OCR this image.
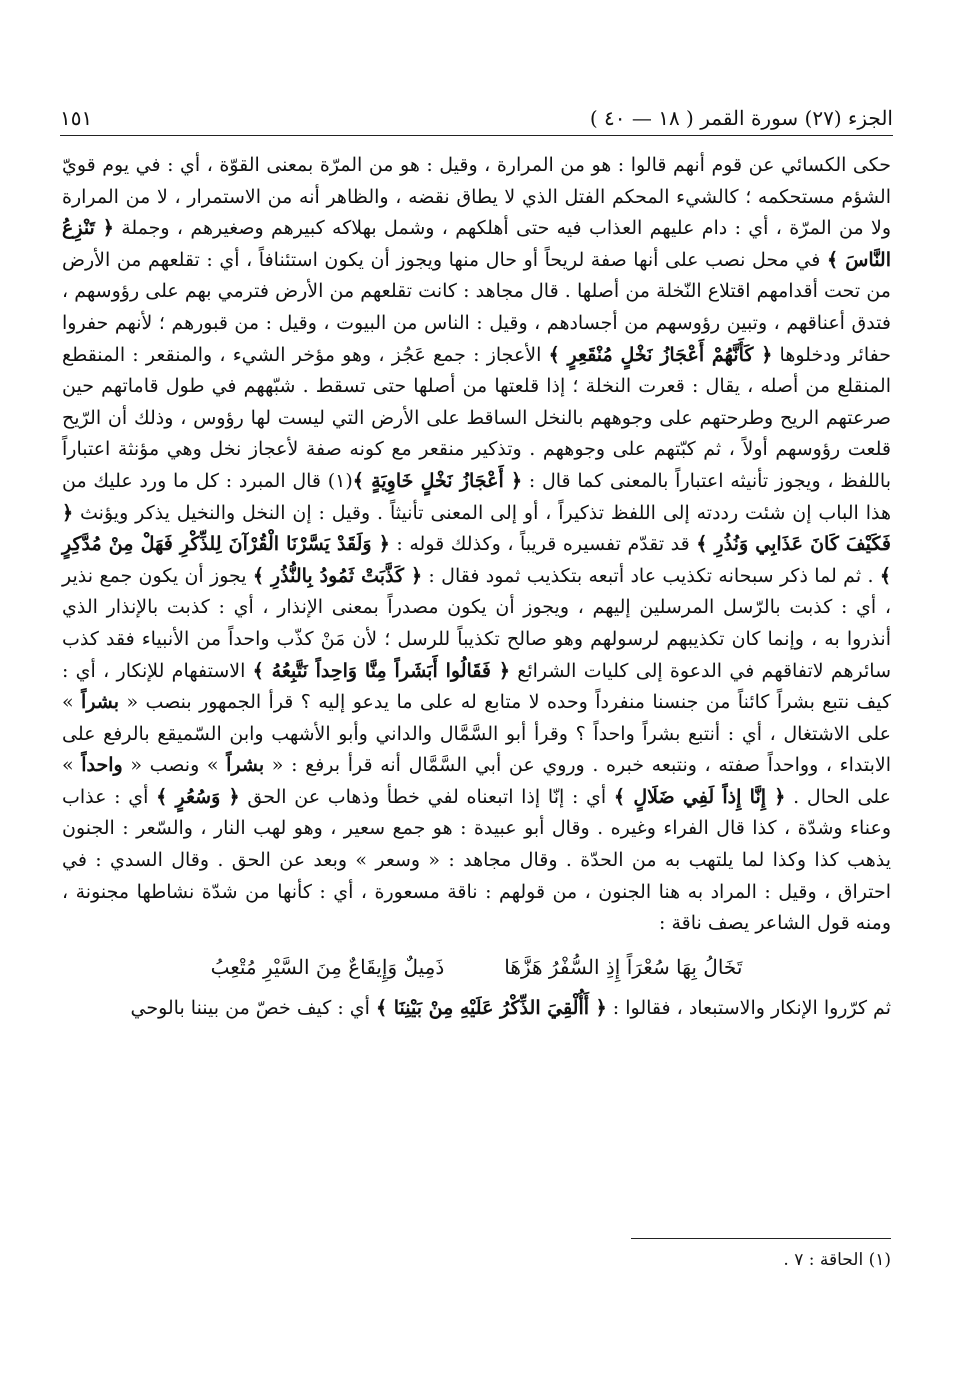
١٥١	الجزء (٢٧) سورة القمر ( ١٨ — ٤٠ )

حكى الكسائي عن قوم أنهم قالوا : هو من المرارة ، وقيل : هو من المرّة بمعنى القوّة ، أي : في يوم قويّ الشؤم مستحكمه ؛ كالشيء المحكم الفتل الذي لا يطاق نقضه ، والظاهر أنه من الاستمرار ، لا من المرارة ولا من المرّة ، أي : دام عليهم العذاب فيه حتى أهلكهم ، وشمل بهلاكه كبيرهم وصغيرهم ، وجملة ﴿ تَنْزِعُ النَّاسَ ﴾ في محل نصب على أنها صفة لريحاً أو حال منها ويجوز أن يكون استئنافاً ، أي : تقلعهم من الأرض من تحت أقدامهم اقتلاع النّخلة من أصلها . قال مجاهد : كانت تقلعهم من الأرض فترمي بهم على رؤوسهم ، فتدق أعناقهم ، وتبين رؤوسهم من أجسادهم ، وقيل : الناس من البيوت ، وقيل : من قبورهم ؛ لأنهم حفروا حفائر ودخلوها ﴿ كَأَنَّهُمْ أَعْجَازُ نَخْلٍ مُنْقَعِرٍ ﴾ الأعجاز : جمع عَجُز ، وهو مؤخر الشيء ، والمنقعر : المنقطع المنقلع من أصله ، يقال : قعرت النخلة ؛ إذا قلعتها من أصلها حتى تسقط . شبّههم في طول قاماتهم حين صرعتهم الريح وطرحتهم على وجوههم بالنخل الساقط على الأرض التي ليست لها رؤوس ، وذلك أن الرّيح قلعت رؤوسهم أولاً ، ثم كبّتهم على وجوههم . وتذكير منقعر مع كونه صفة لأعجاز نخل وهي مؤنثة اعتباراً باللفظ ، ويجوز تأنيثه اعتباراً بالمعنى كما قال : ﴿ أَعْجَازُ نَخْلٍ خَاوِيَةٍ ﴾(١) قال المبرد : كل ما ورد عليك من هذا الباب إن شئت رددته إلى اللفظ تذكيراً ، أو إلى المعنى تأنيثاً . وقيل : إن النخل والنخيل يذكر ويؤنث ﴿ فَكَيْفَ كَانَ عَذَابِي وَنُذُرِ ﴾ قد تقدّم تفسيره قريباً ، وكذلك قوله : ﴿ وَلَقَدْ يَسَّرْنَا الْقُرْآنَ لِلذِّكْرِ فَهَلْ مِنْ مُدَّكِرٍ ﴾ . ثم لما ذكر سبحانه تكذيب عاد أتبعه بتكذيب ثمود فقال : ﴿ كَذَّبَتْ ثَمُودُ بِالنُّذُرِ ﴾ يجوز أن يكون جمع نذير ، أي : كذبت بالرّسل المرسلين إليهم ، ويجوز أن يكون مصدراً بمعنى الإنذار ، أي : كذبت بالإنذار الذي أنذروا به ، وإنما كان تكذيبهم لرسولهم وهو صالح تكذيباً للرسل ؛ لأن مَنْ كذّب واحداً من الأنبياء فقد كذب سائرهم لاتفاقهم في الدعوة إلى كليات الشرائع ﴿ فَقَالُوا أَبَشَراً مِنَّا وَاحِداً نَتَّبِعُهُ ﴾ الاستفهام للإنكار ، أي : كيف نتبع بشراً كائناً من جنسنا منفرداً وحده لا متابع له على ما يدعو إليه ؟ قرأ الجمهور بنصب « بشراً » على الاشتغال ، أي : أنتبع بشراً واحداً ؟ وقرأ أبو السَّمَّال والداني وأبو الأشهب وابن السّميقع بالرفع على الابتداء ، وواحداً صفته ، ونتبعه خبره . وروي عن أبي السَّمَّال أنه قرأ برفع : « بشراً » ونصب « واحداً » على الحال . ﴿ إِنَّا إِذاً لَفِي ضَلَالٍ ﴾ أي : إنّا إذا اتبعناه لفي خطأ وذهاب عن الحق ﴿ وَسُعُرٍ ﴾ أي : عذاب وعناء وشدّة ، كذا قال الفراء وغيره . وقال أبو عبيدة : هو جمع سعير ، وهو لهب النار ، والسّعر : الجنون يذهب كذا وكذا لما يلتهب به من الحدّة . وقال مجاهد : « وسعر » وبعد عن الحق . وقال السدي : في احتراق ، وقيل : المراد به هنا الجنون ، من قولهم : ناقة مسعورة ، أي : كأنها من شدّة نشاطها مجنونة ، ومنه قول الشاعر يصف ناقة :

تَخَالُ بِهَا سُعْرَاً إِذِ السُّفْرُ هَزَّهَا
ذَمِيلٌ وَإِيقَاعٌ مِنَ السَّيْرِ مُتْعِبُ

ثم كرّروا الإنكار والاستبعاد ، فقالوا : ﴿ أَأُلْقِيَ الذِّكْرُ عَلَيْهِ مِنْ بَيْنِنَا ﴾ أي : كيف خصّ من بيننا بالوحي

(١) الحاقة : ٧ .
